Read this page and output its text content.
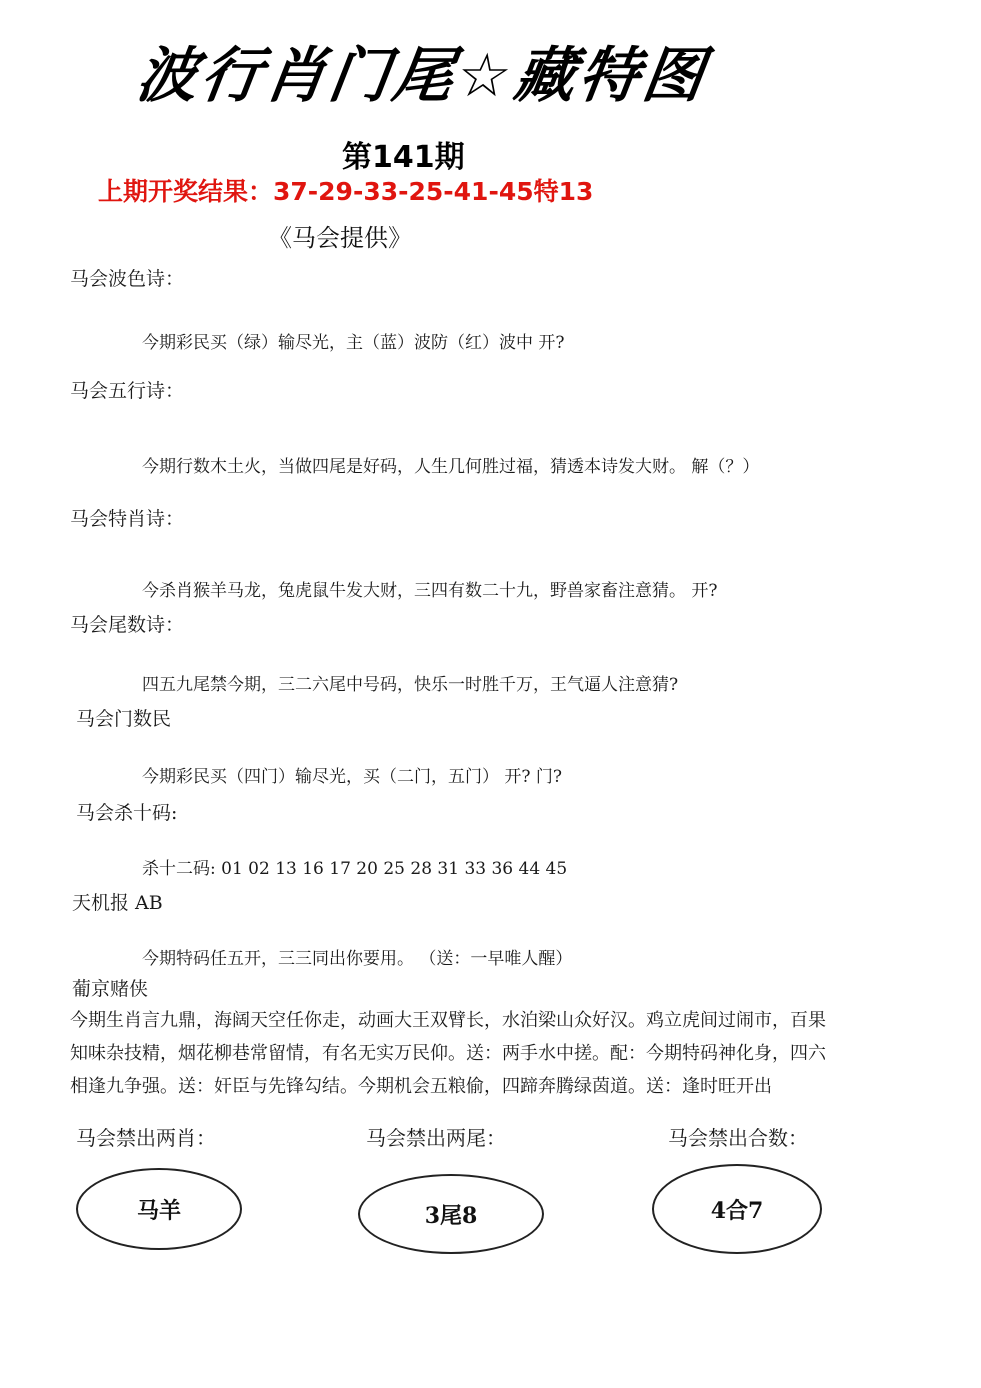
波行肖门尾☆藏特图
第141期
上期开奖结果：37-29-33-25-41-45特13
《马会提供》
马会波色诗：
今期彩民买（绿）输尽光，主（蓝）波防（红）波中 开?
马会五行诗：
今期行数木土火，当做四尾是好码，人生几何胜过福，猜透本诗发大财。 解（？）
马会特肖诗：
今杀肖猴羊马龙，兔虎鼠牛发大财，三四有数二十九，野兽家畜注意猜。 开?
马会尾数诗：
四五九尾禁今期，三二六尾中号码，快乐一时胜千万，王气逼人注意猜?
马会门数民
今期彩民买（四门）输尽光，买（二门，五门） 开? 门?
马会杀十码:
杀十二码: 01 02 13 16 17 20 25 28 31 33 36 44 45
天机报 AB
今期特码任五开，三三同出你要用。 （送：一早唯人醒）
葡京赌侠
今期生肖言九鼎，海阔天空任你走，动画大王双臂长，水泊梁山众好汉。鸡立虎间过闹市，百果
知味杂技精，烟花柳巷常留情，有名无实万民仰。送：两手水中搓。配：今期特码神化身，四六
相逢九争强。送：奸臣与先锋勾结。今期机会五粮偷，四蹄奔腾绿茵道。送：逢时旺开出
马会禁出两肖：	马会禁出两尾：	马会禁出合数：
马羊	3尾8	4合7
